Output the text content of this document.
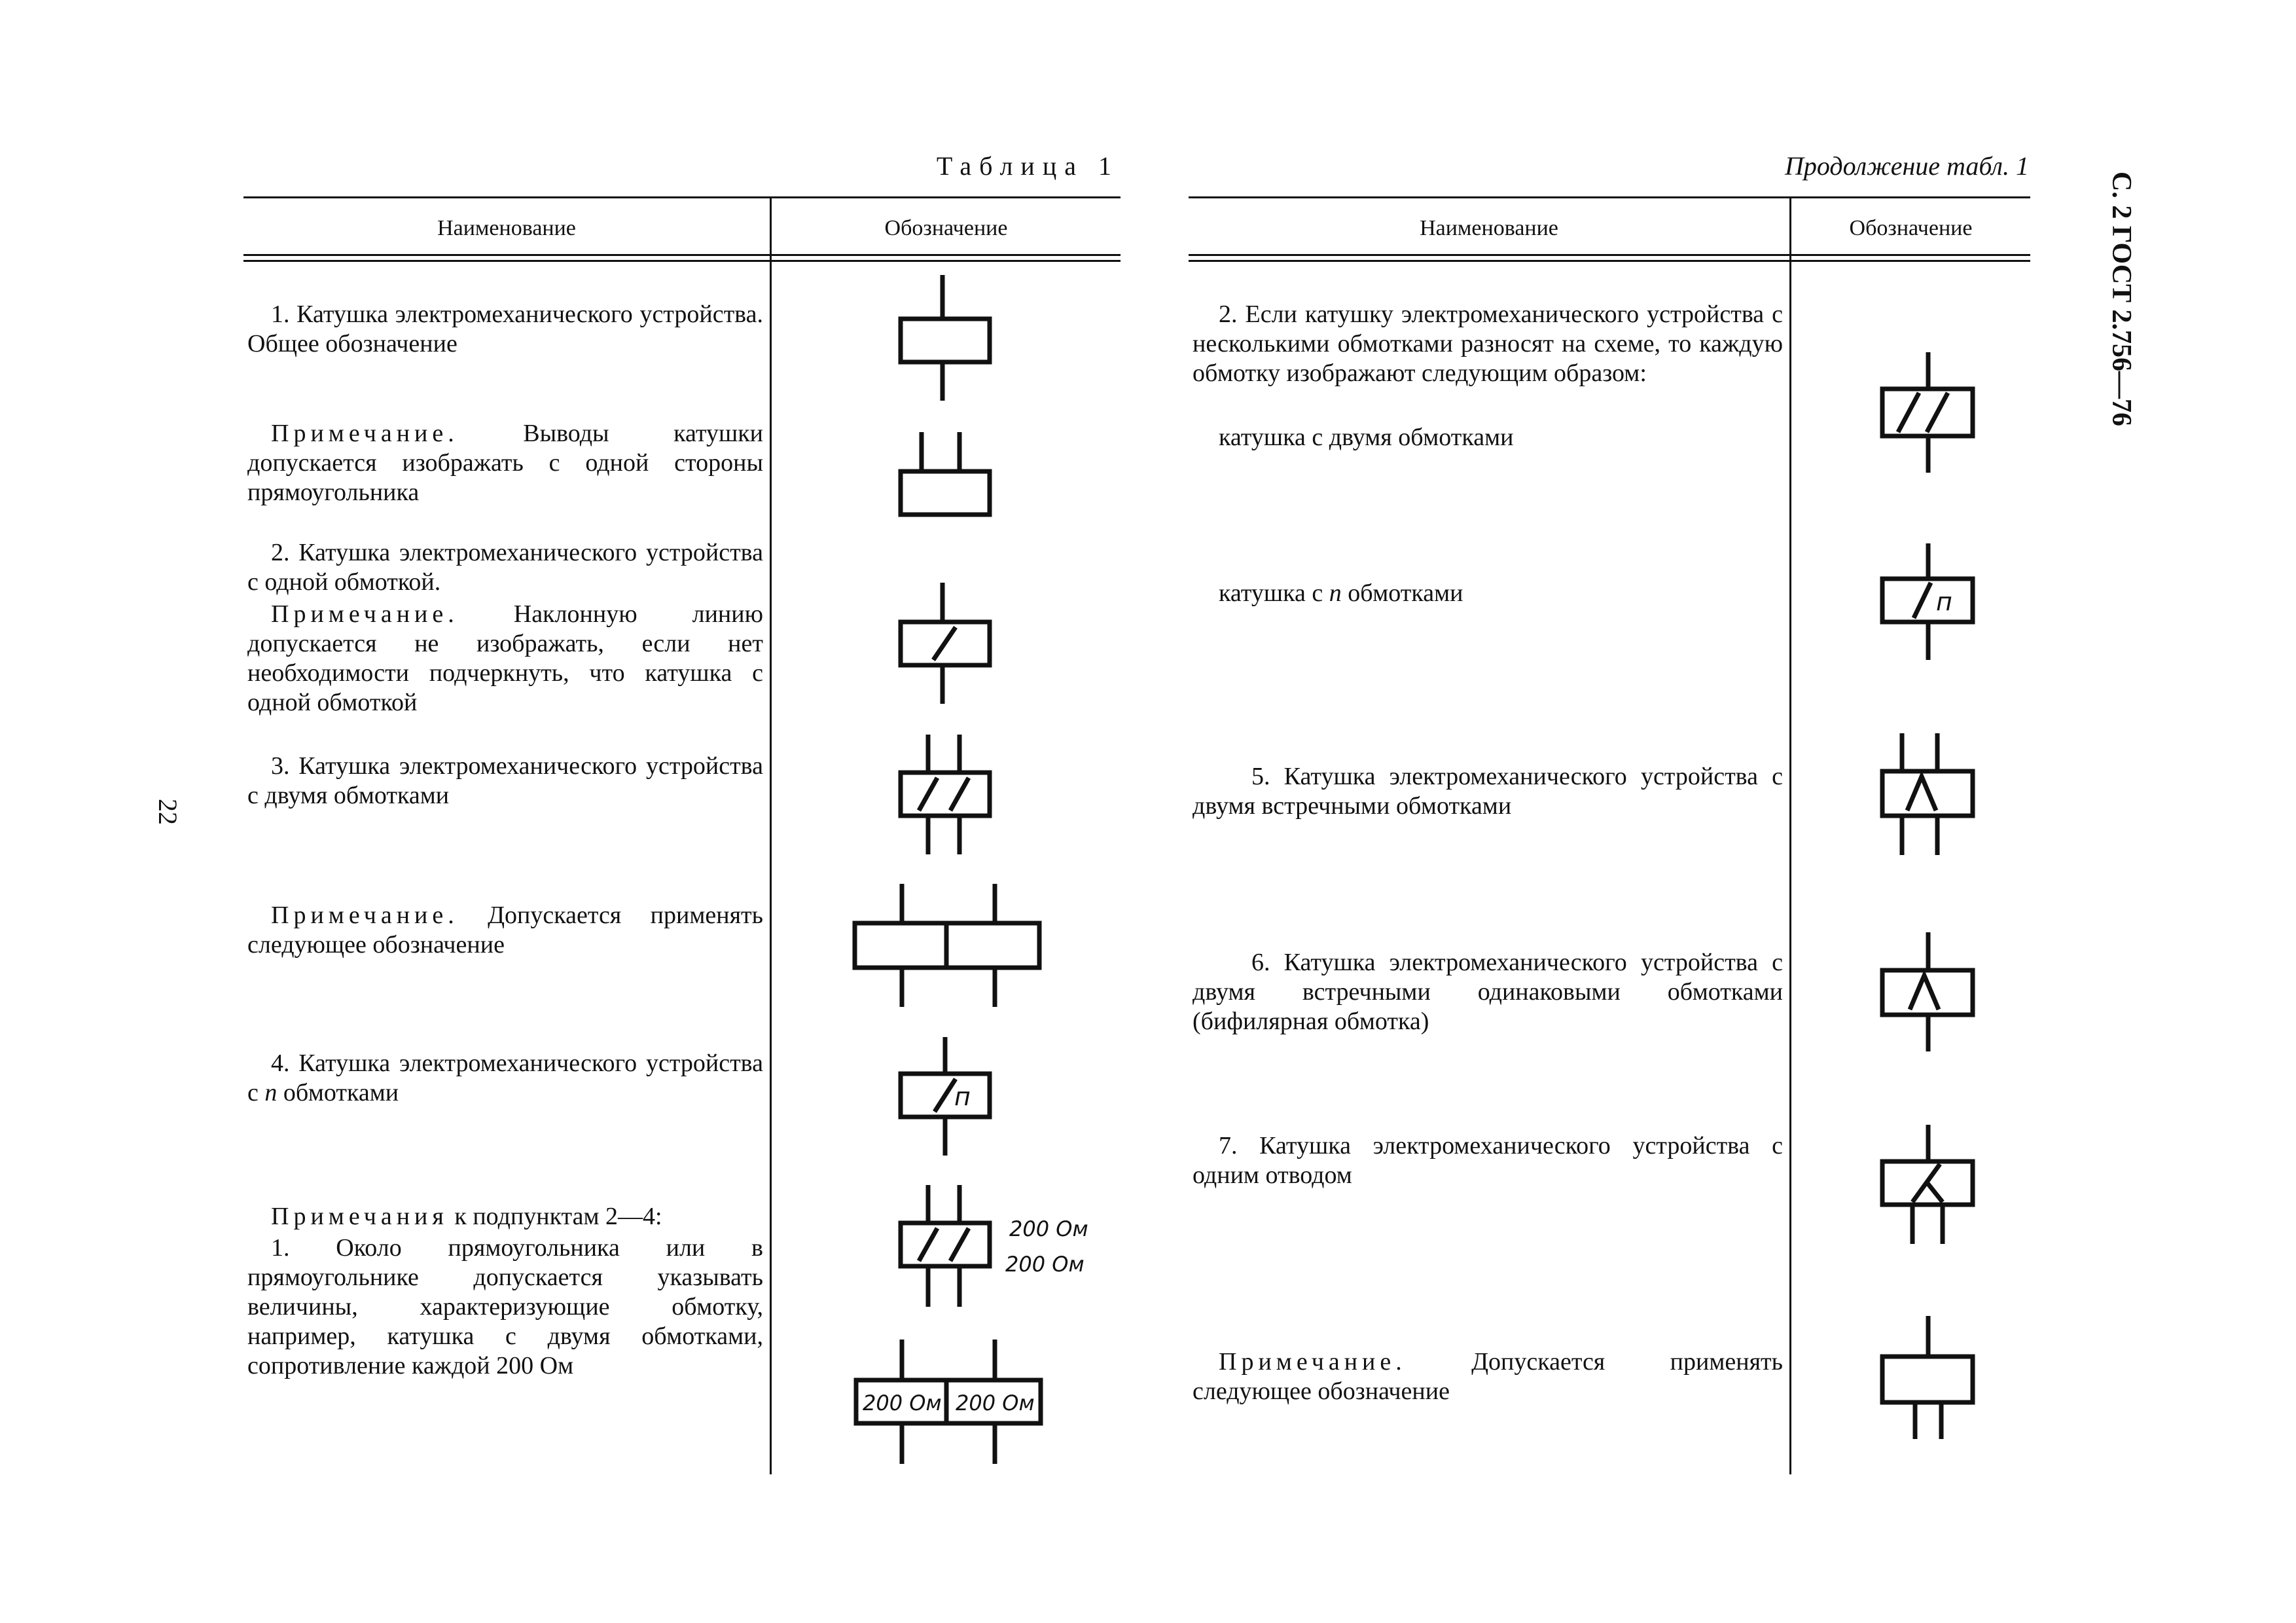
22
С. 2 ГОСТ 2.756—76
Таблица 1
Наименование	Обозначение
1. Катушка электромеханического устройства. Общее обозначение
Примечание. Выводы катушки допускается изображать с одной стороны прямоугольника
2. Катушка электромеханического устройства с одной обмоткой.
Примечание. Наклонную линию допускается не изображать, если нет необходимости подчеркнуть, что катушка с одной обмоткой
3. Катушка электромеханического устройства с двумя обмотками
Примечание. Допускается применять следующее обозначение
4. Катушка электромеханического устройства с n обмотками
Примечания к подпунктам 2—4:
1. Около прямоугольника или в прямоугольнике допускается указывать величины, характеризующие обмотку, например, катушка с двумя обмотками, сопротивление каждой 200 Ом
п
200 Ом
200 Ом
200 Ом 200 Ом
Продолжение табл. 1
Наименование	Обозначение
2. Если катушку электромеханического устройства с несколькими обмотками разносят на схеме, то каждую обмотку изображают следующим образом:
катушка с двумя обмотками
катушка с n обмотками
5. Катушка электромеханического устройства с двумя встречными обмотками
6. Катушка электромеханического устройства с двумя встречными одинаковыми обмотками (бифилярная обмотка)
7. Катушка электромеханического устройства с одним отводом
Примечание. Допускается применять следующее обозначение
п
